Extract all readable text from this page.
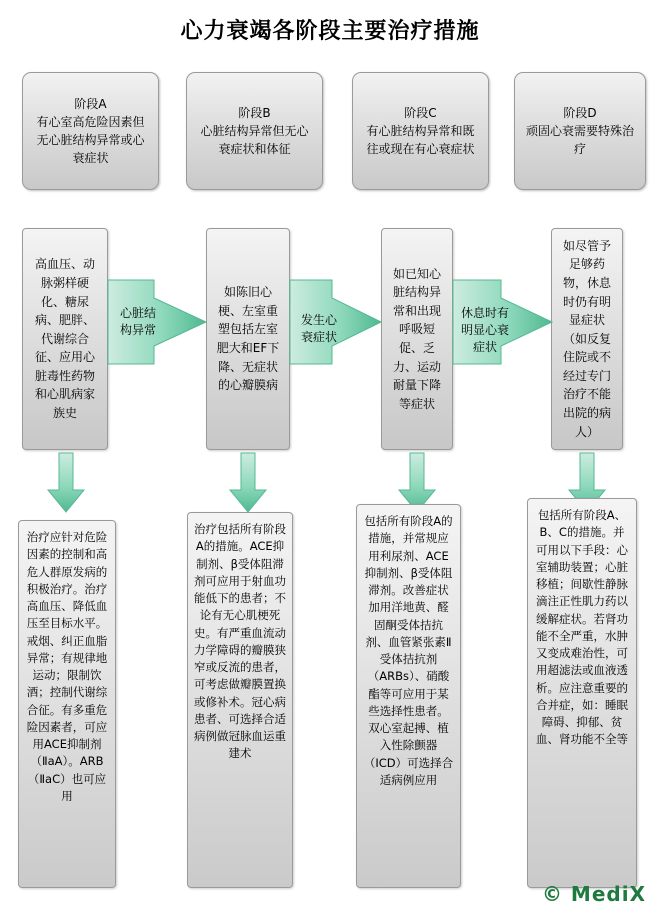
心力衰竭各阶段主要治疗措施
阶段A
有心室高危险因素但无心脏结构异常或心衰症状
阶段B
心脏结构异常但无心衰症状和体征
阶段C
有心脏结构异常和既往或现在有心衰症状
阶段D
顽固心衰需要特殊治疗
高血压、动脉粥样硬化、糖尿病、肥胖、代谢综合征、应用心脏毒性药物和心肌病家族史
如陈旧心梗、左室重塑包括左室肥大和EF下降、无症状的心瓣膜病
如已知心脏结构异常和出现呼吸短促、乏力、运动耐量下降等症状
如尽管予足够药物，休息时仍有明显症状（如反复住院或不经过专门治疗不能出院的病人）
心脏结构异常
发生心衰症状
休息时有明显心衰症状
治疗应针对危险因素的控制和高危人群原发病的积极治疗。治疗高血压、降低血压至目标水平。戒烟、纠正血脂异常；有规律地运动；限制饮酒；控制代谢综合征。有多重危险因素者，可应用ACE抑制剂（ⅡaA）。ARB（ⅡaC）也可应用
治疗包括所有阶段A的措施。ACE抑制剂、β受体阻滞剂可应用于射血功能低下的患者；不论有无心肌梗死史。有严重血流动力学障碍的瓣膜狭窄或反流的患者，可考虑做瓣膜置换或修补术。冠心病患者、可选择合适病例做冠脉血运重建术
包括所有阶段A的措施，并常规应用利尿剂、ACE抑制剂、β受体阻滞剂。改善症状加用洋地黄、醛固酮受体拮抗剂、血管紧张素Ⅱ受体拮抗剂（ARBs）、硝酸酯等可应用于某些选择性患者。双心室起搏、植入性除颤器（ICD）可选择合适病例应用
包括所有阶段A、B、C的措施。并可用以下手段：心室辅助装置；心脏移植；间歇性静脉滴注正性肌力药以缓解症状。若肾功能不全严重，水肿又变成难治性，可用超滤法或血液透析。应注意重要的合并症，如：睡眠障碍、抑郁、贫血、肾功能不全等
© MediX
